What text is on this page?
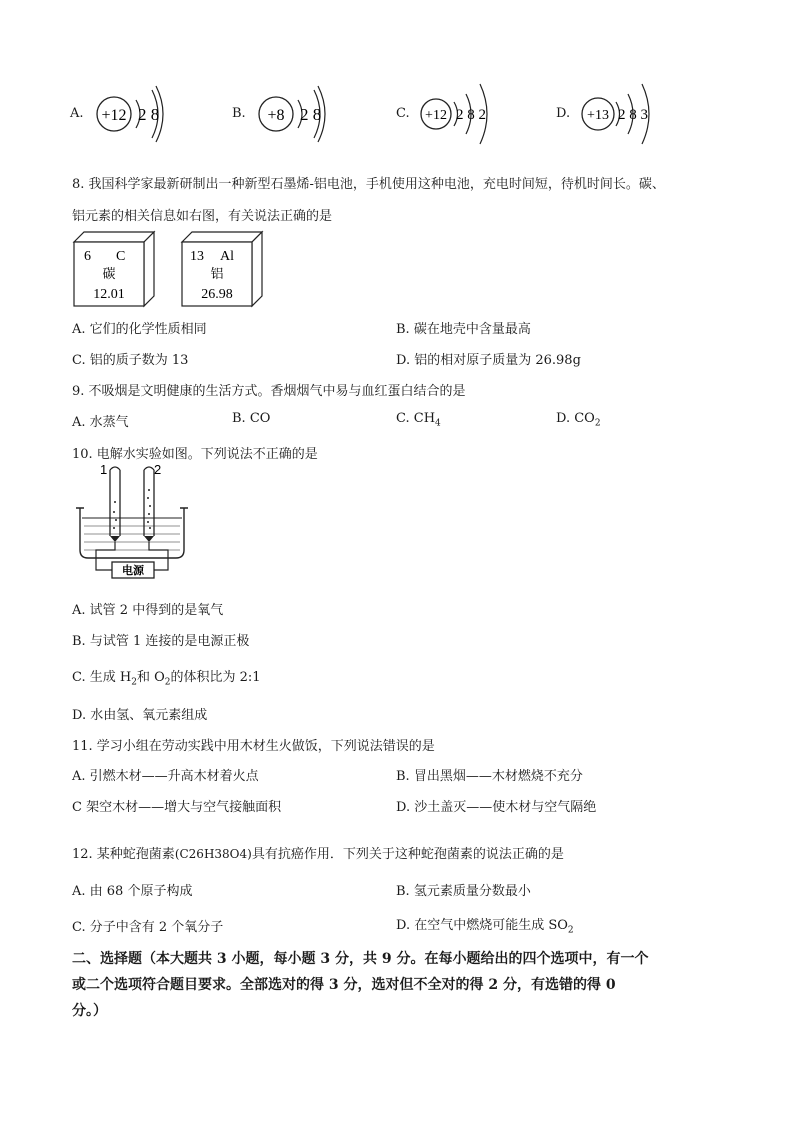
A. +12 2 8	B. +8 2 8	C. +12 2 8 2	D. +13 2 8 3
8. 我国科学家最新研制出一种新型石墨烯-铝电池，手机使用这种电池，充电时间短，待机时间长。碳、
铝元素的相关信息如右图，有关说法正确的是
6 C
碳
12.01
13 Al
铝
26.98
A. 它们的化学性质相同	B. 碳在地壳中含量最高
C. 铝的质子数为 13	D. 铝的相对原子质量为 26.98g
9. 不吸烟是文明健康的生活方式。香烟烟气中易与血红蛋白结合的是
A. 水蒸气	B. CO	C. $CH_4$	D. $CO_2$
10. 电解水实验如图。下列说法不正确的是
1	2
电源
A. 试管 2 中得到的是氧气
B. 与试管 1 连接的是电源正极
C. 生成 $H_2$和 $O_2$的体积比为 2:1
D. 水由氢、氧元素组成
11. 学习小组在劳动实践中用木材生火做饭，下列说法错误的是
A. 引燃木材——升高木材着火点	B. 冒出黑烟——木材燃烧不充分
C 架空木材——增大与空气接触面积	D. 沙土盖灭——使木材与空气隔绝
12. 某种蛇孢菌素(C26H38O4)具有抗癌作用．下列关于这种蛇孢菌素的说法正确的是
A. 由 68 个原子构成	B. 氢元素质量分数最小
C. 分子中含有 2 个氧分子	D. 在空气中燃烧可能生成 $SO_2$
二、选择题（本大题共 3 小题，每小题 3 分，共 9 分。在每小题给出的四个选项中，有一个
或二个选项符合题目要求。全部选对的得 3 分，选对但不全对的得 2 分，有选错的得 0
分。）
